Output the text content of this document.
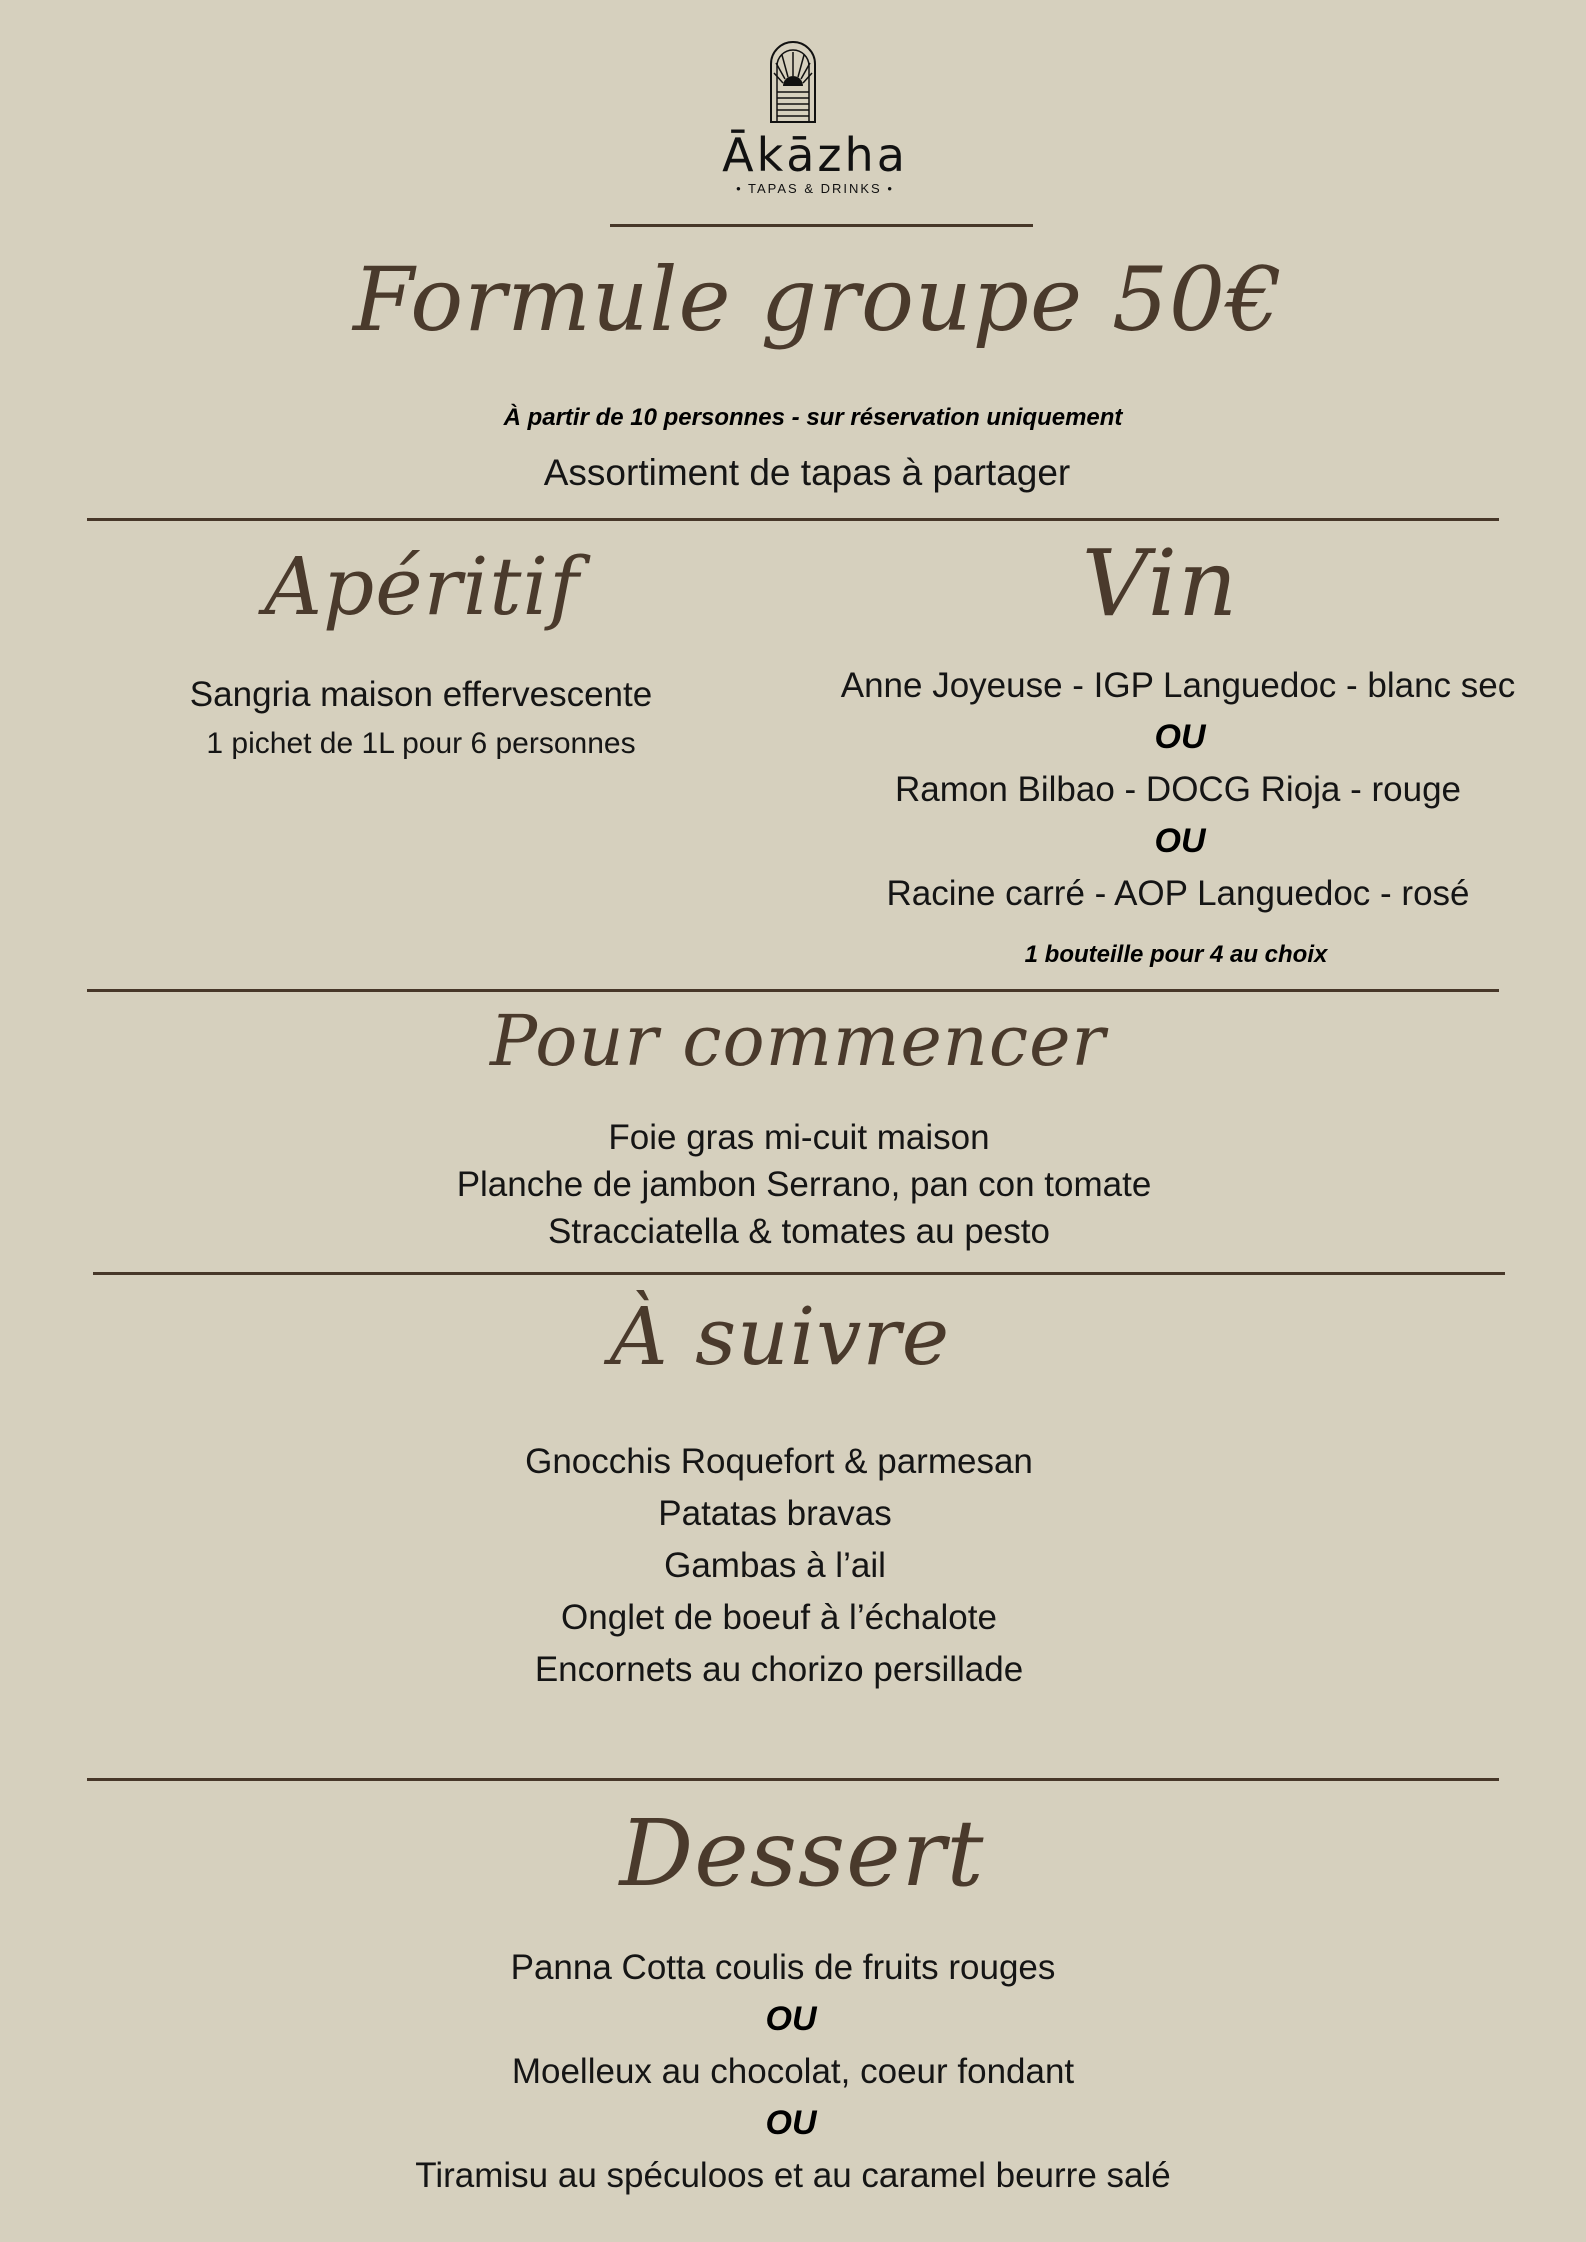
Ākāzha
• TAPAS & DRINKS •
Formule groupe 50€
À partir de 10 personnes - sur réservation uniquement
Assortiment de tapas à partager
Apéritif
Sangria maison effervescente
1 pichet de 1L pour 6 personnes
Vin
Anne Joyeuse - IGP Languedoc - blanc sec
OU
Ramon Bilbao - DOCG Rioja - rouge
OU
Racine carré - AOP Languedoc - rosé
1 bouteille pour 4 au choix
Pour commencer
Foie gras mi-cuit maison
Planche de jambon Serrano, pan con tomate
Stracciatella & tomates au pesto
À suivre
Gnocchis Roquefort & parmesan
Patatas bravas
Gambas à l’ail
Onglet de boeuf à l’échalote
Encornets au chorizo persillade
Dessert
Panna Cotta coulis de fruits rouges
OU
Moelleux au chocolat, coeur fondant
OU
Tiramisu au spéculoos et au caramel beurre salé
